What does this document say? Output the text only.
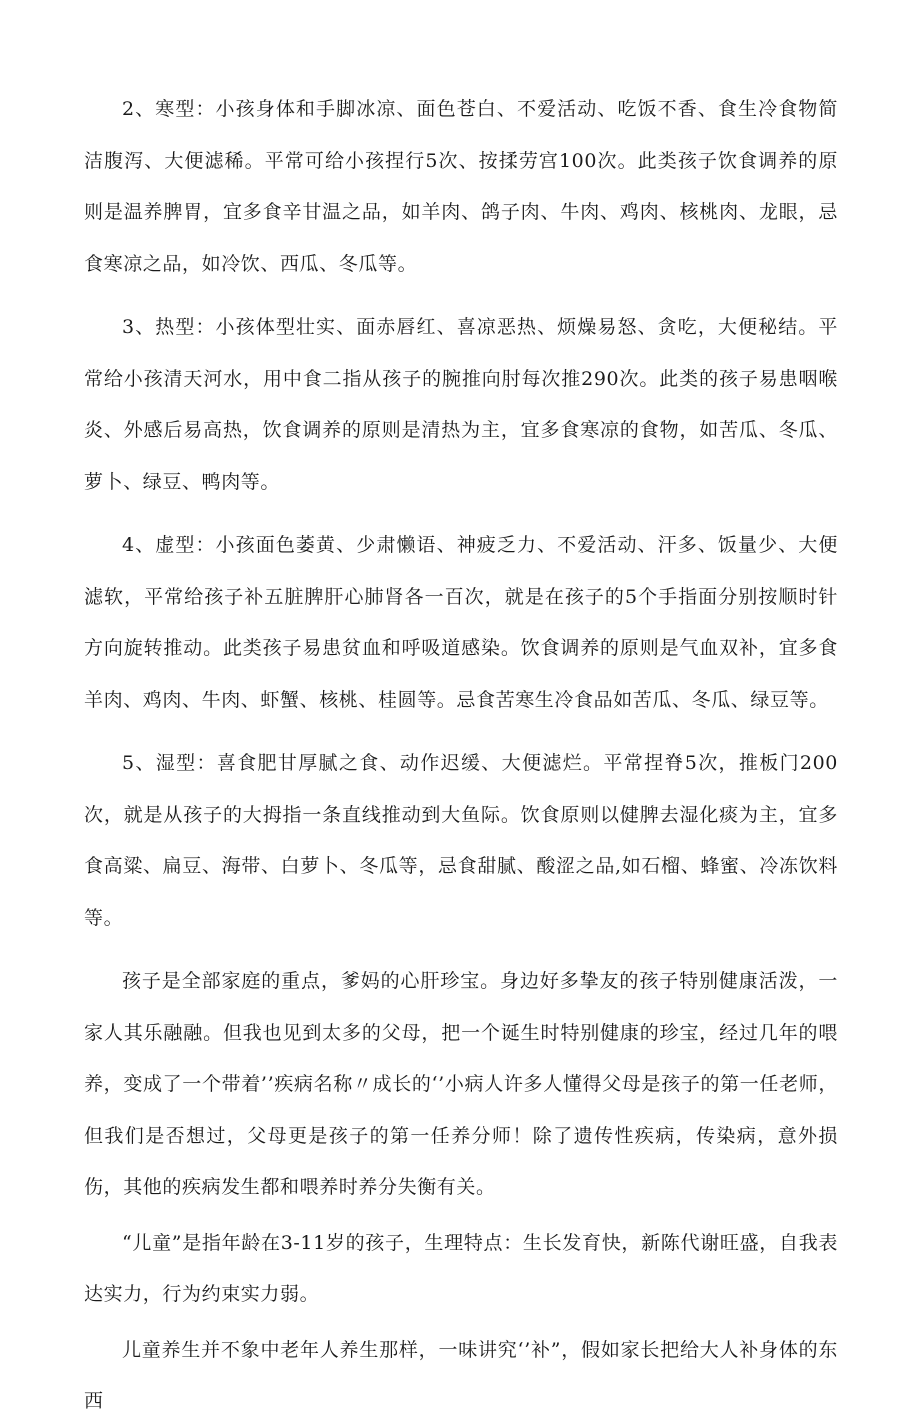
2、寒型：小孩身体和手脚冰凉、面色苍白、不爱活动、吃饭不香、食生冷食物简洁腹泻、大便滤稀。平常可给小孩捏行5次、按揉劳宫100次。此类孩子饮食调养的原则是温养脾胃，宜多食辛甘温之品，如羊肉、鸽子肉、牛肉、鸡肉、核桃肉、龙眼，忌食寒凉之品，如冷饮、西瓜、冬瓜等。

3、热型：小孩体型壮实、面赤唇红、喜凉恶热、烦燥易怒、贪吃，大便秘结。平常给小孩清天河水，用中食二指从孩子的腕推向肘每次推290次。此类的孩子易患咽喉炎、外感后易高热，饮食调养的原则是清热为主，宜多食寒凉的食物，如苦瓜、冬瓜、萝卜、绿豆、鸭肉等。

4、虚型：小孩面色萎黄、少肃懒语、神疲乏力、不爱活动、汗多、饭量少、大便滤软，平常给孩子补五脏脾肝心肺肾各一百次，就是在孩子的5个手指面分别按顺时针方向旋转推动。此类孩子易患贫血和呼吸道感染。饮食调养的原则是气血双补，宜多食羊肉、鸡肉、牛肉、虾蟹、核桃、桂圆等。忌食苦寒生冷食品如苦瓜、冬瓜、绿豆等。

5、湿型：喜食肥甘厚腻之食、动作迟缓、大便滤烂。平常捏脊5次，推板门200次，就是从孩子的大拇指一条直线推动到大鱼际。饮食原则以健脾去湿化痰为主，宜多食高粱、扁豆、海带、白萝卜、冬瓜等，忌食甜腻、酸涩之品,如石榴、蜂蜜、冷冻饮料等。

孩子是全部家庭的重点，爹妈的心肝珍宝。身边好多挚友的孩子特别健康活泼，一家人其乐融融。但我也见到太多的父母，把一个诞生时特别健康的珍宝，经过几年的喂养，变成了一个带着’’疾病名称〃成长的‘’小病人许多人懂得父母是孩子的第一任老师，但我们是否想过，父母更是孩子的第一任养分师！除了遗传性疾病，传染病，意外损伤，其他的疾病发生都和喂养时养分失衡有关。

“儿童”是指年龄在3-11岁的孩子，生理特点：生长发育快，新陈代谢旺盛，自我表达实力，行为约束实力弱。

儿童养生并不象中老年人养生那样，一味讲究‘’补”，假如家长把给大人补身体的东西
